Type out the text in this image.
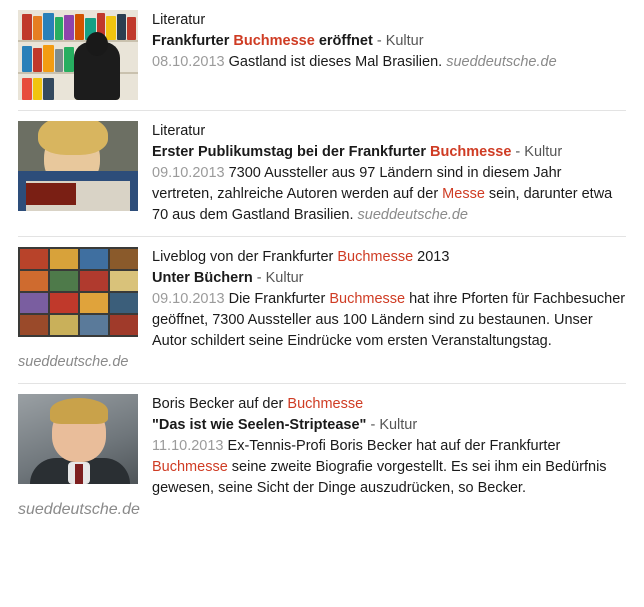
Literatur
Frankfurter Buchmesse eröffnet - Kultur
08.10.2013 Gastland ist dieses Mal Brasilien. sueddeutsche.de
Literatur
Erster Publikumstag bei der Frankfurter Buchmesse - Kultur
09.10.2013 7300 Aussteller aus 97 Ländern sind in diesem Jahr vertreten, zahlreiche Autoren werden auf der Messe sein, darunter etwa 70 aus dem Gastland Brasilien. sueddeutsche.de
Liveblog von der Frankfurter Buchmesse 2013
Unter Büchern - Kultur
09.10.2013 Die Frankfurter Buchmesse hat ihre Pforten für Fachbesucher geöffnet, 7300 Aussteller aus 100 Ländern sind zu bestaunen. Unser Autor schildert seine Eindrücke vom ersten Veranstaltungstag. sueddeutsche.de
Boris Becker auf der Buchmesse
"Das ist wie Seelen-Striptease" - Kultur
11.10.2013 Ex-Tennis-Profi Boris Becker hat auf der Frankfurter Buchmesse seine zweite Biografie vorgestellt. Es sei ihm ein Bedürfnis gewesen, seine Sicht der Dinge auszudrücken, so Becker.
sueddeutsche.de
